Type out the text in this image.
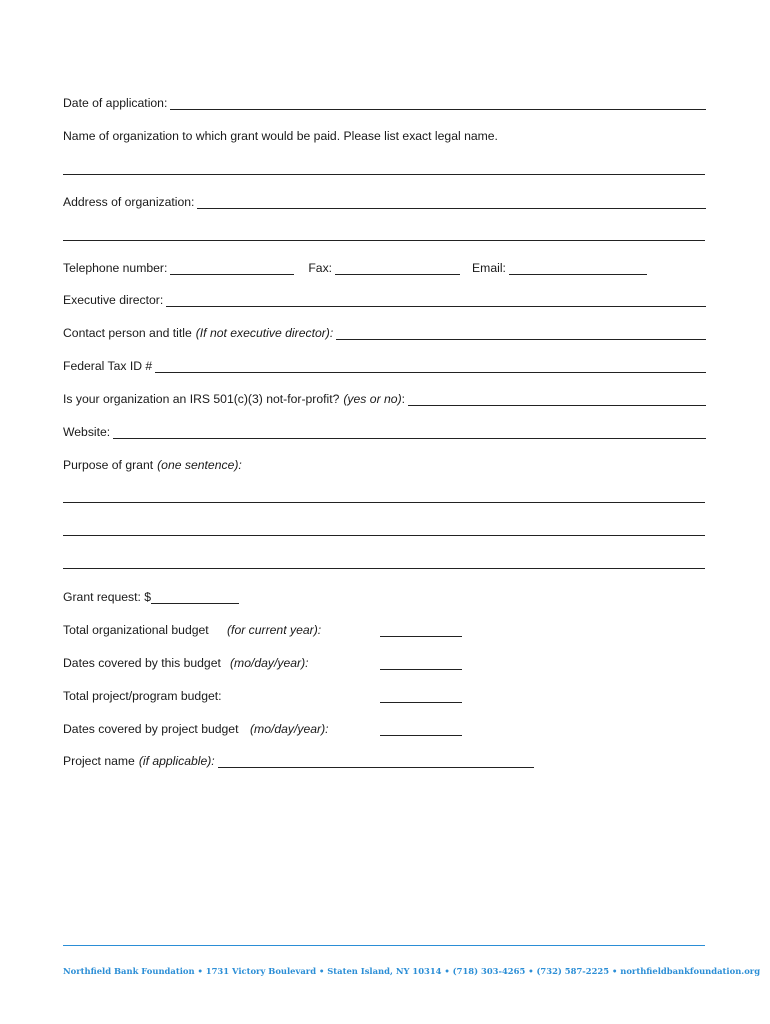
Date of application:
Name of organization to which grant would be paid. Please list exact legal name.
Address of organization:
Telephone number:	Fax:	Email:
Executive director:
Contact person and title (If not executive director):
Federal Tax ID #
Is your organization an IRS 501(c)(3) not-for-profit? (yes or no) :
Website:
Purpose of grant (one sentence):
Grant request: $
Total organizational budget	(for current year):
Dates covered by this budget (mo/day/year):
Total project/program budget:
Dates covered by project budget (mo/day/year):
Project name (if applicable):
Northfield Bank Foundation • 1731 Victory Boulevard • Staten Island, NY 10314 • (718) 303-4265 • (732) 587-2225 • northfieldbankfoundation.org
